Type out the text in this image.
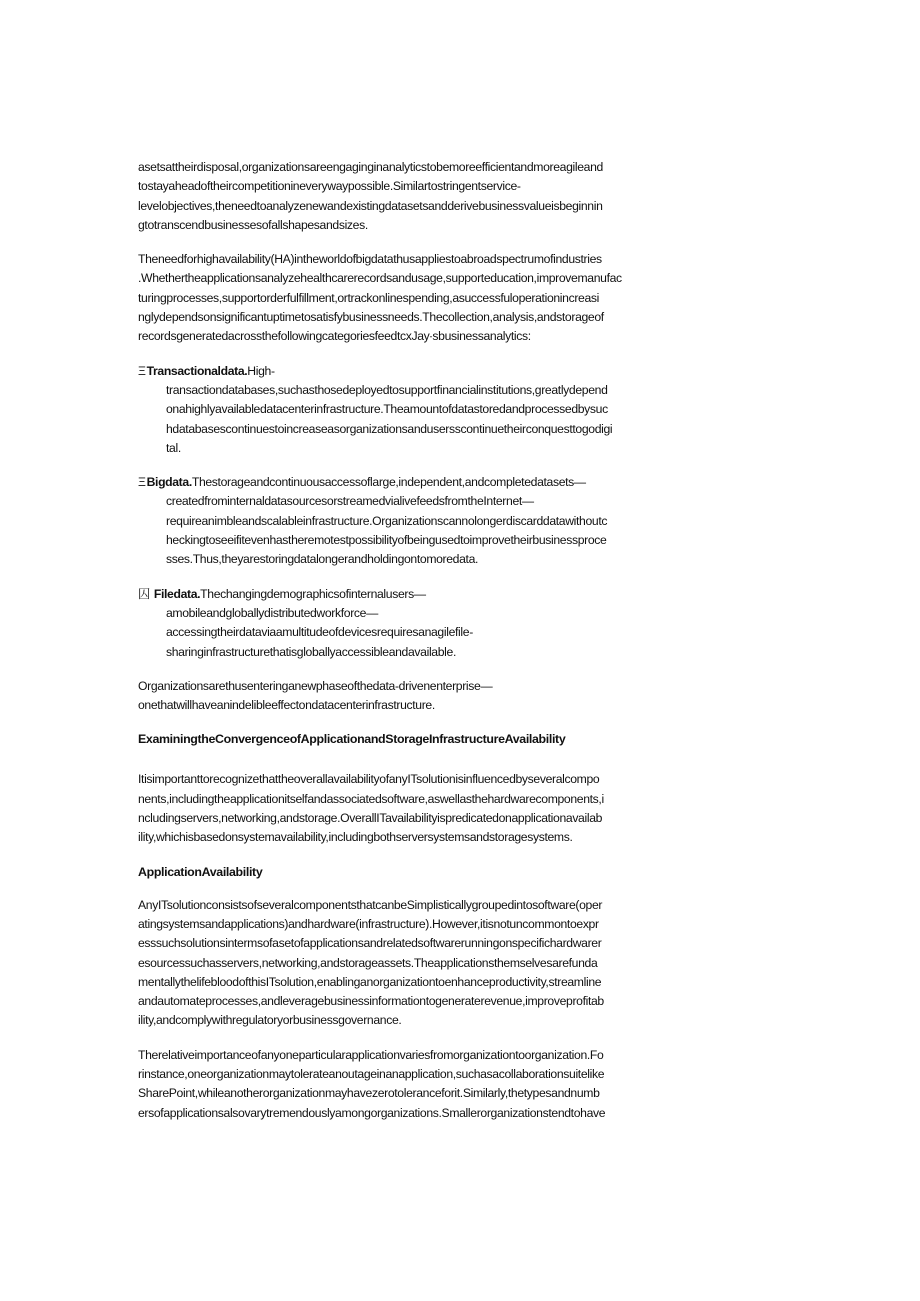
asetsattheirdisposal,organizationsareengaginginanalyticstobemoreefficientandmoreagileand
tostayaheadoftheircompetitionineverywaypossible.Similartostringentservice-
levelobjectives,theneedtoanalyzenewandexistingdatasetsandderivebusinessvalueisbeginnin
gtotranscendbusinessesofallshapesandsizes.
Theneedforhighavailability(HA)intheworldofbigdatathusappliestoabroadspectrumofindustries
.Whethertheapplicationsanalyzehealthcarerecordsandusage,supporteducation,improvemanufac
turingprocesses,supportorderfulfillment,ortrackonlinespending,asuccessfuloperationincreasi
nglydependsonsignificantuptimetosatisfybusinessneeds.Thecollection,analysis,andstorageof
recordsgeneratedacrossthefollowingcategoriesfeedtcxJay∙sbusinessanalytics:
ΞTransactionaldata.High-
transactiondatabases,suchasthosedeployedtosupportfinancialinstitutions,greatlydepend
onahighlyavailabledatacenterinfrastructure.Theamountofdatastoredandprocessedbysuc
hdatabasescontinuestoincreaseasorganizationsandusersscontinuetheirconquesttogodigi
tal.
ΞBigdata.Thestorageandcontinuousaccessoflarge,independent,andcompletedatasets—
createdfrominternaldatasourcesorstreamedvialivefeedsfromtheInternet—
requireanimbleandscalableinfrastructure.Organizationscannolongerdiscarddatawithoutc
heckingtoseeifitevenhastheremotestpossibilityofbeingusedtoimprovetheirbusinessproce
sses.Thus,theyarestoringdatalongerandholdingontomoredata.
囚 Filedata.Thechangingdemographicsofinternalusers—
amobileandgloballydistributedworkforce—
accessingtheirdataviaamultitudeofdevicesrequiresanagilefile-
sharinginfrastructurethatisgloballyaccessibleandavailable.
Organizationsarethusenteringanewphaseofthedata-drivenenterprise—
onethatwillhaveanindelibleeffectondatacenterinfrastructure.
ExaminingtheConvergenceofApplicationandStorageInfrastructureAvailability
ItisimportanttorecognizethattheoverallavailabilityofanyITsolutionisinfluencedbyseveralcompo
nents,includingtheapplicationitselfandassociatedsoftware,aswellasthehardwarecomponents,i
ncludingservers,networking,andstorage.OverallITavailabilityispredicatedonapplicationavailab
ility,whichisbasedonsystemavailability,includingbothserversystemsandstoragesystems.
ApplicationAvailability
AnyITsolutionconsistsofseveralcomponentsthatcanbeSimplisticallygroupedintosoftware(oper
atingsystemsandapplications)andhardware(infrastructure).However,itisnotuncommontoexpr
esssuchsolutionsintermsofasetofapplicationsandrelatedsoftwarerunningonspecifichardwarer
esourcessuchasservers,networking,andstorageassets.Theapplicationsthemselvesarefunda
mentallythelifebloodofthisITsolution,enablinganorganizationtoenhanceproductivity,streamline
andautomateprocesses,andleveragebusinessinformationtogeneraterevenue,improveprofitab
ility,andcomplywithregulatoryorbusinessgovernance.
Therelativeimportanceofanyoneparticularapplicationvariesfromorganizationtoorganization.Fo
rinstance,oneorganizationmaytolerateanoutageinanapplication,suchasacollaborationsuitelike
SharePoint,whileanotherorganizationmayhavezerotoleranceforit.Similarly,thetypesandnumb
ersofapplicationsalsovarytremendouslyamongorganizations.Smallerorganizationstendtohave
